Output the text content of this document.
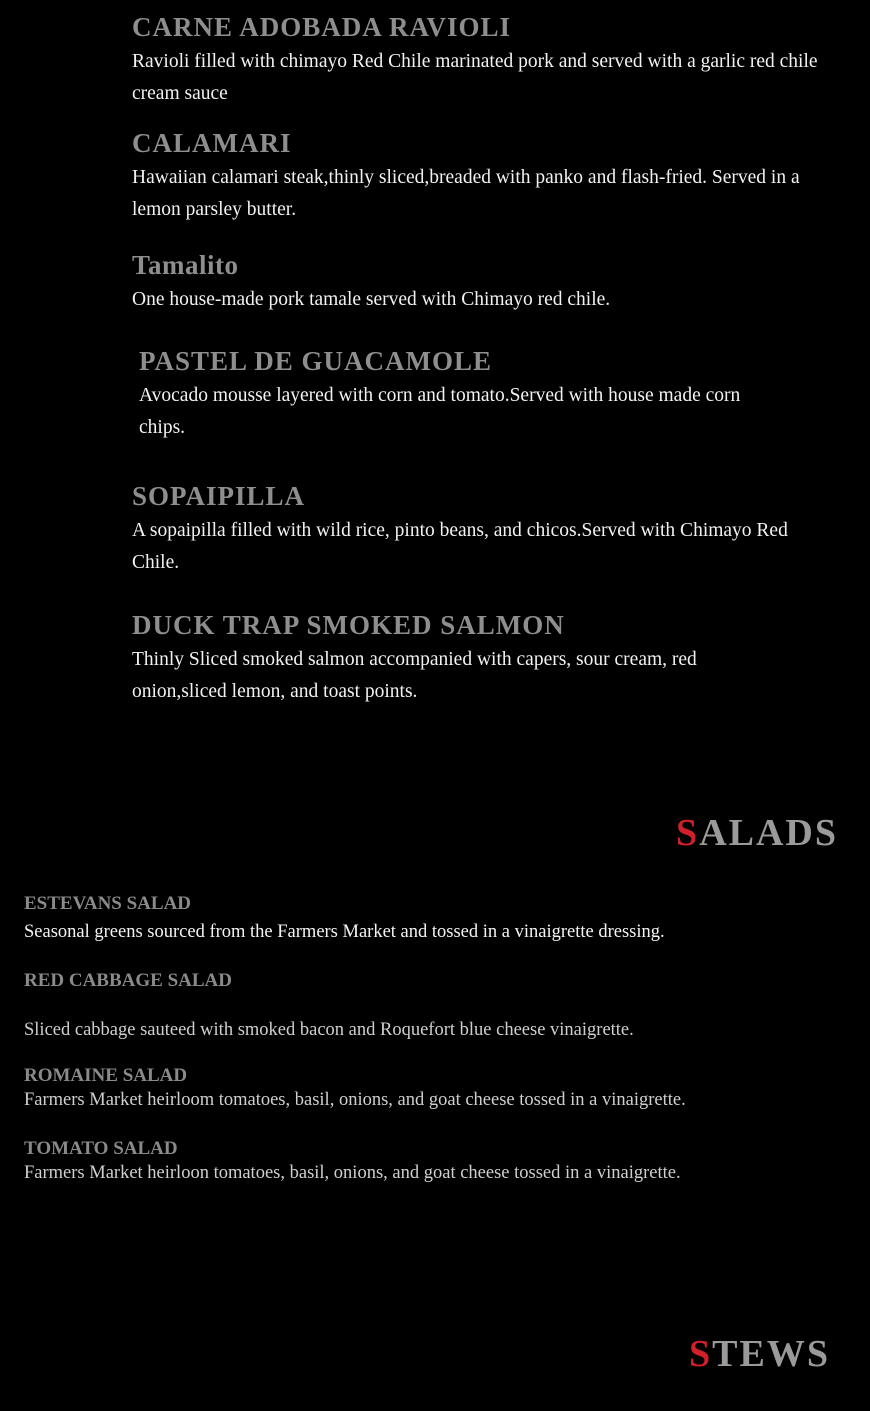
CARNE ADOBADA RAVIOLI

Ravioli filled with chimayo Red Chile marinated pork and served with a garlic red chile cream sauce

CALAMARI

Hawaiian calamari steak,thinly sliced,breaded with panko and flash-fried. Served in a lemon parsley butter.

Tamalito

One house-made pork tamale served with Chimayo red chile.

PASTEL DE GUACAMOLE

Avocado mousse layered with corn and tomato.Served with house made corn chips.

SOPAIPILLA

A sopaipilla filled with wild rice, pinto beans, and chicos.Served with Chimayo Red Chile.

DUCK TRAP SMOKED SALMON

Thinly Sliced smoked salmon accompanied with capers, sour cream, red onion,sliced lemon, and toast points.

SALADS
ESTEVANS SALAD

Seasonal greens sourced from the Farmers Market and tossed in a vinaigrette dressing.

RED CABBAGE SALAD

Sliced cabbage sauteed with smoked bacon and Roquefort blue cheese vinaigrette.

ROMAINE SALAD

Farmers Market heirloom tomatoes, basil, onions, and goat cheese tossed in a vinaigrette.

TOMATO SALAD

Farmers Market heirloon tomatoes, basil, onions, and goat cheese tossed in a vinaigrette.

STEWS
